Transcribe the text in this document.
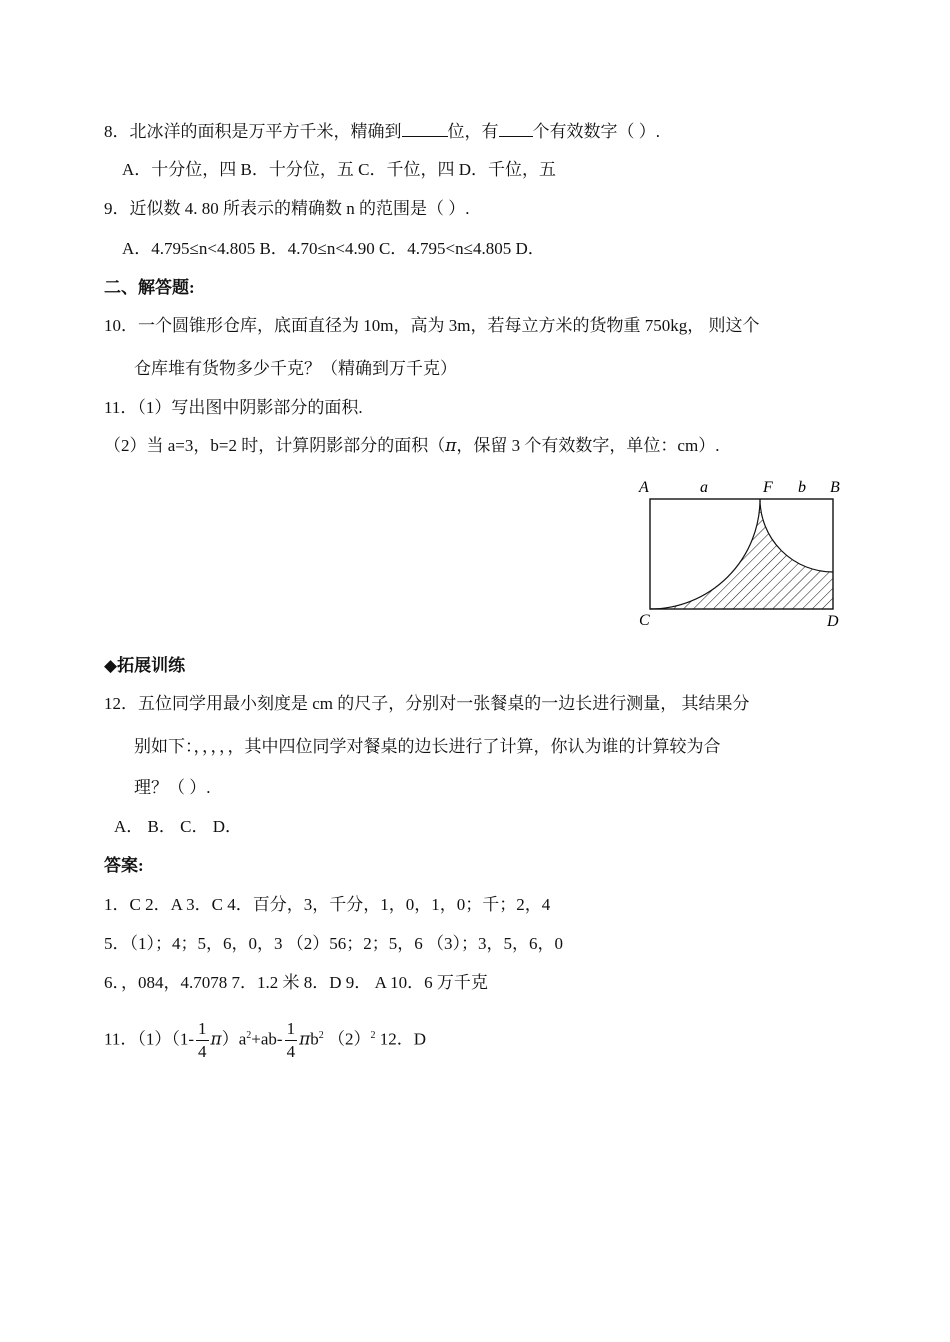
8．北冰洋的面积是万平方千米，精确到	位，有 个有效数字（ ）.
A．十分位，四 B．十分位，五 C．千位，四 D．千位，五
9．近似数 4. 80 所表示的精确数 n 的范围是（ ）.
A．4.795≤n<4.805 B．4.70≤n<4.90 C．4.795<n≤4.805 D．
二、解答题:
10．一个圆锥形仓库，底面直径为 10m，高为 3m，若每立方米的货物重 750kg， 则这个
仓库堆有货物多少千克？（精确到万千克）
11．（1）写出图中阴影部分的面积.
（2）当 a=3，b=2 时，计算阴影部分的面积（π，保留 3 个有效数字，单位：cm）.
A	a	F b B
C	D
◆拓展训练
12．五位同学用最小刻度是 cm 的尺子，分别对一张餐桌的一边长进行测量， 其结果分
别如下：，，，，，其中四位同学对餐桌的边长进行了计算，你认为谁的计算较为合
理？（ ）.
A． B． C． D．
答案:
1．C 2．A 3．C 4．百分，3，千分，1，0，1，0；千；2，4
5．（1）；4；5，6，0，3 （2）56；2；5，6 （3）；3，5，6，0
6．，084，4.7078 7．1.2 米 8．D 9． A 10．6 万千克
11．$(1)(1- \frac{1}{4} \pi)a^2+ab- \frac{1}{4} \pi b^2$ $(2)^2$ 12．D
